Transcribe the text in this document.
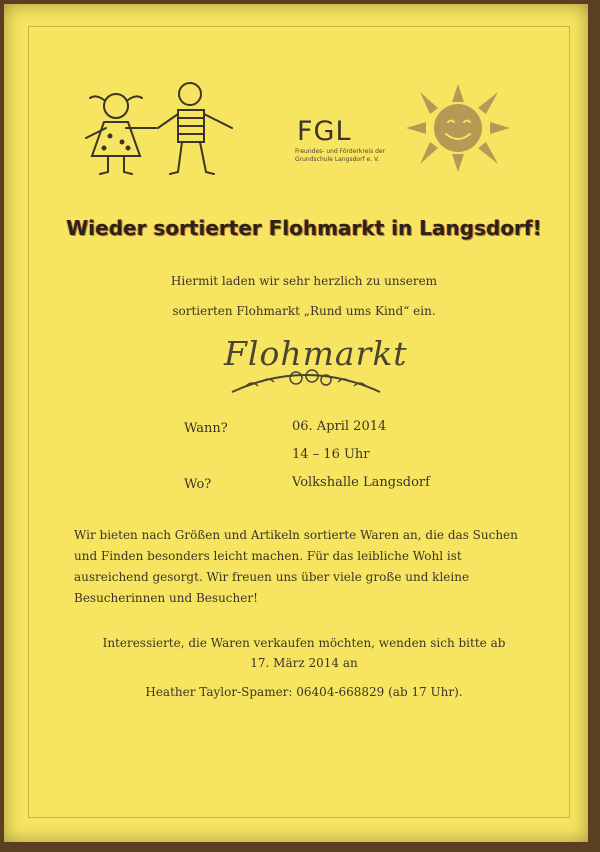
FGL
Freundes- und Förderkreis der Grundschule Langsdorf e. V.
Wieder sortierter Flohmarkt in Langsdorf!
Hiermit laden wir sehr herzlich zu unserem
sortierten Flohmarkt „Rund ums Kind“ ein.
Flohmarkt
Wann?	06. April 2014
14 – 16 Uhr
Wo?	Volkshalle Langsdorf
Wir bieten nach Größen und Artikeln sortierte Waren an, die das Suchen
und Finden besonders leicht machen. Für das leibliche Wohl ist
ausreichend gesorgt. Wir freuen uns über viele große und kleine
Besucherinnen und Besucher!
Interessierte, die Waren verkaufen möchten, wenden sich bitte ab
17. März 2014 an
Heather Taylor-Spamer: 06404-668829 (ab 17 Uhr).
